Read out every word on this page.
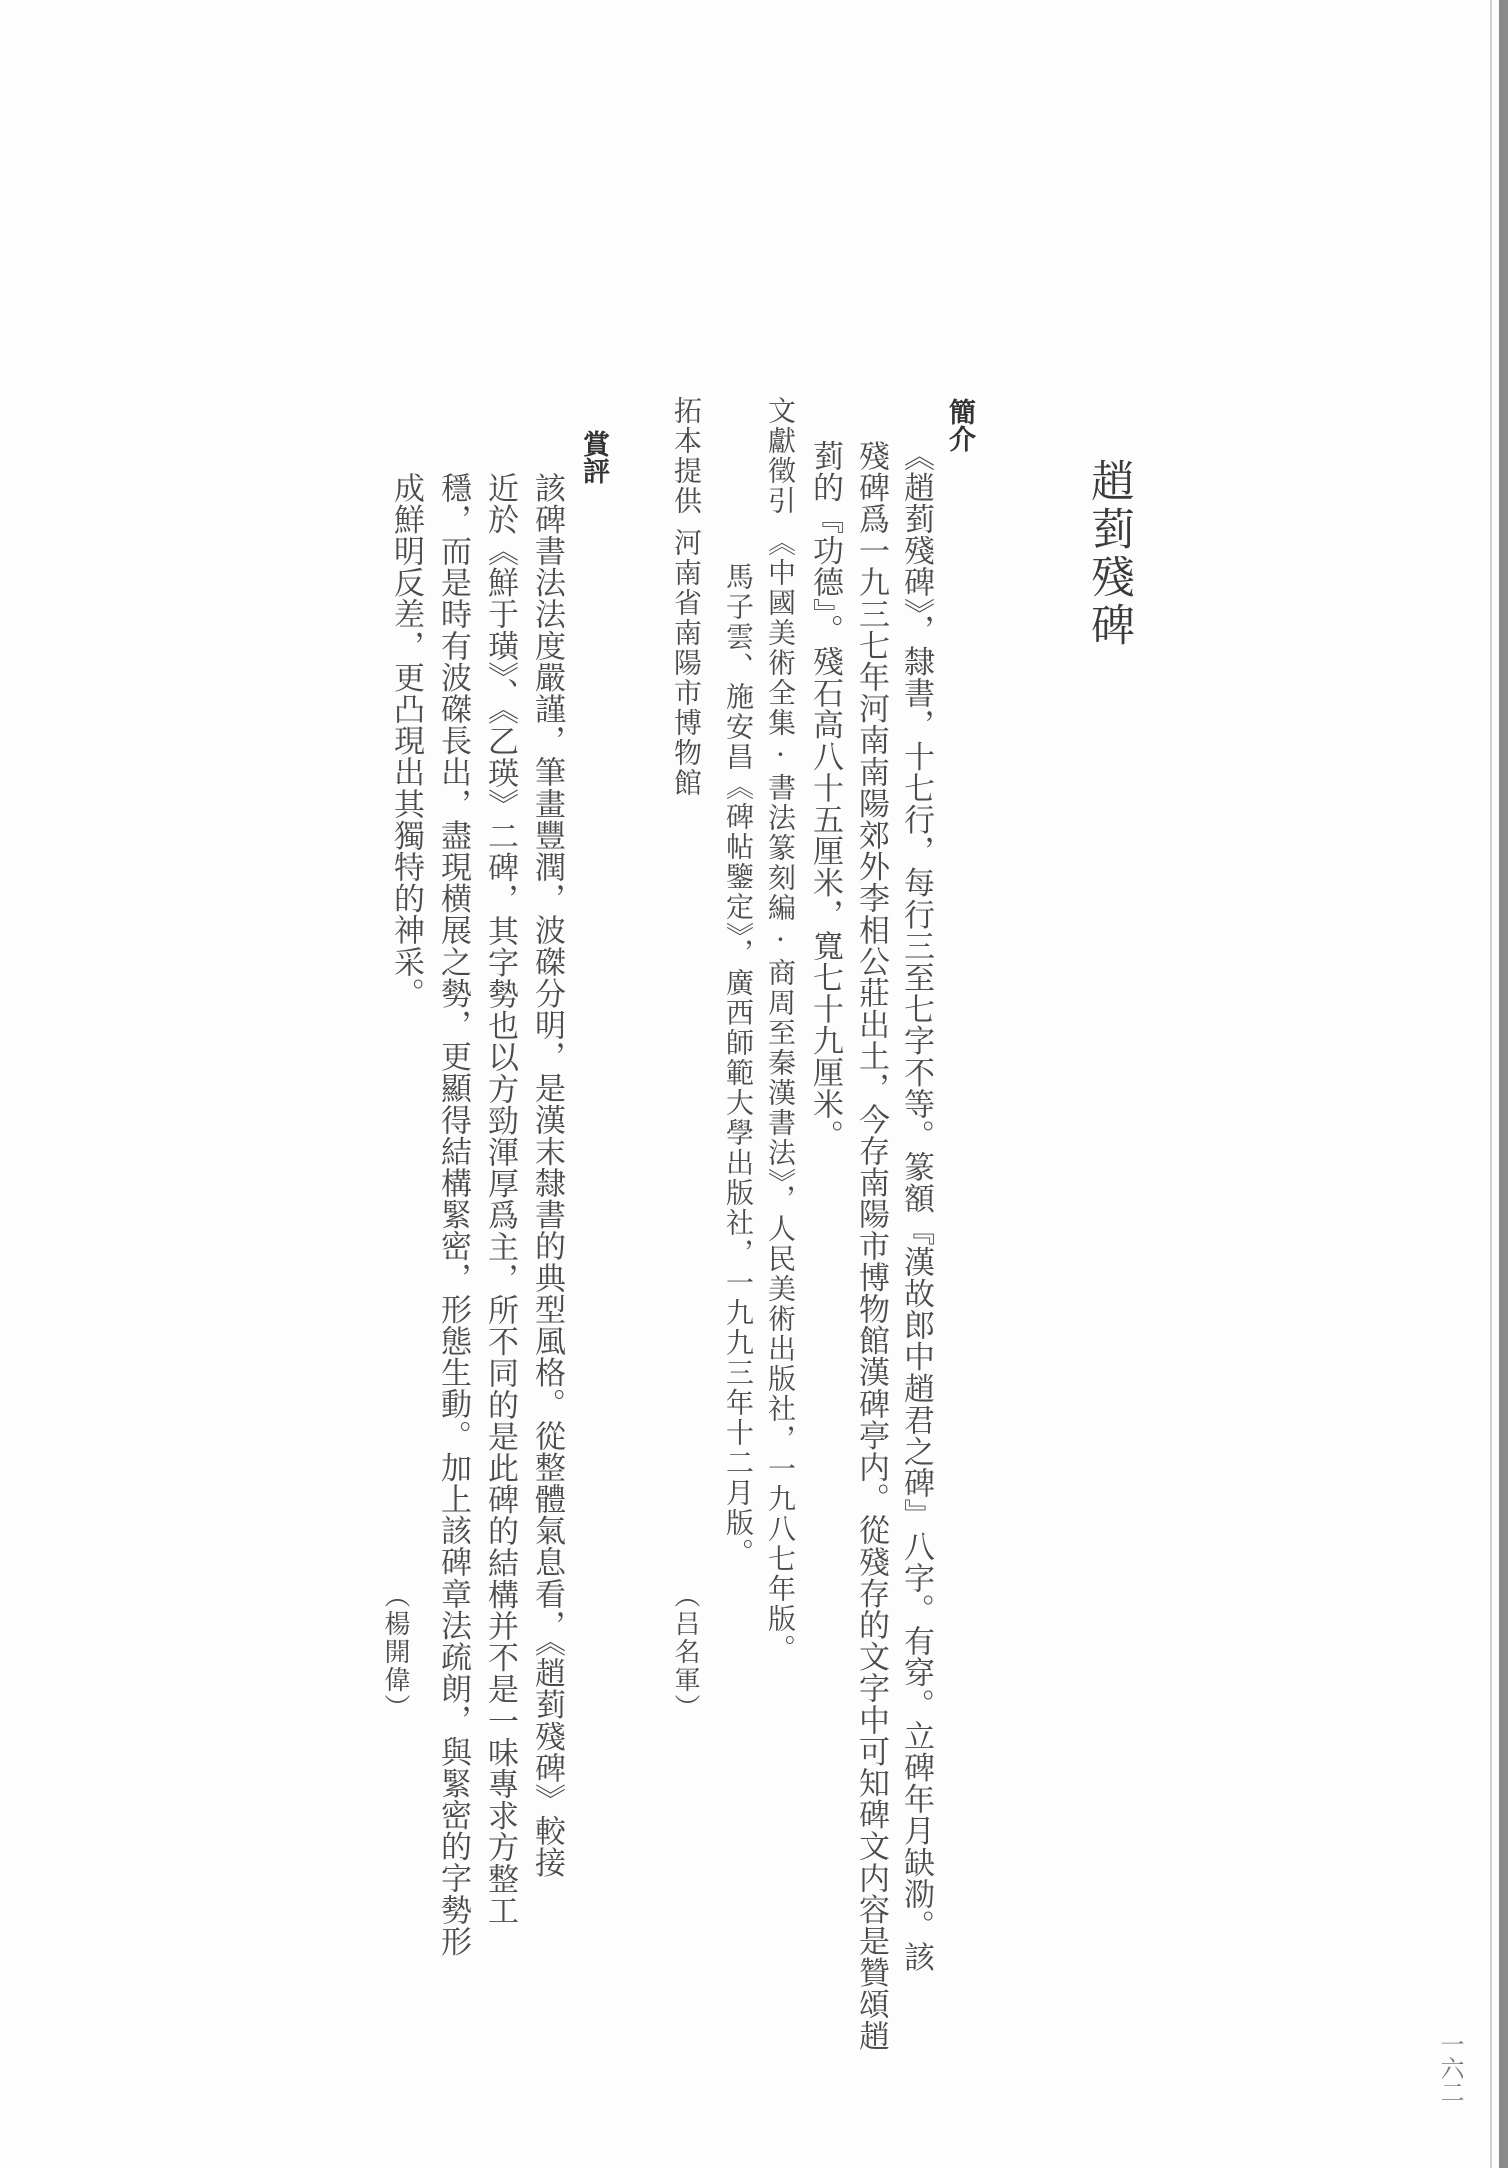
趙菿殘碑
簡介
《趙菿殘碑》，隸書，十七行，每行三至七字不等。篆額『漢故郎中趙君之碑』八字。有穿。立碑年月缺泐。該
殘碑爲一九三七年河南南陽郊外李相公莊出土，今存南陽市博物館漢碑亭内。從殘存的文字中可知碑文内容是贊頌趙
菿的『功德』。殘石高八十五厘米，寬七十九厘米。
文獻徵引
《中國美術全集·書法篆刻編·商周至秦漢書法》，人民美術出版社，一九八七年版。
馬子雲、施安昌《碑帖鑒定》，廣西師範大學出版社，一九九三年十二月版。
拓本提供
河南省南陽市博物館
（吕名軍）
賞評
該碑書法法度嚴謹，筆畫豐潤，波磔分明，是漢末隸書的典型風格。從整體氣息看，《趙菿殘碑》較接
近於《鮮于璜》、《乙瑛》二碑，其字勢也以方勁渾厚爲主，所不同的是此碑的結構并不是一味專求方整工
穩，而是時有波磔長出，盡現横展之勢，更顯得結構緊密，形態生動。加上該碑章法疏朗，與緊密的字勢形
成鮮明反差，更凸現出其獨特的神采。
（楊開偉）
一六二
